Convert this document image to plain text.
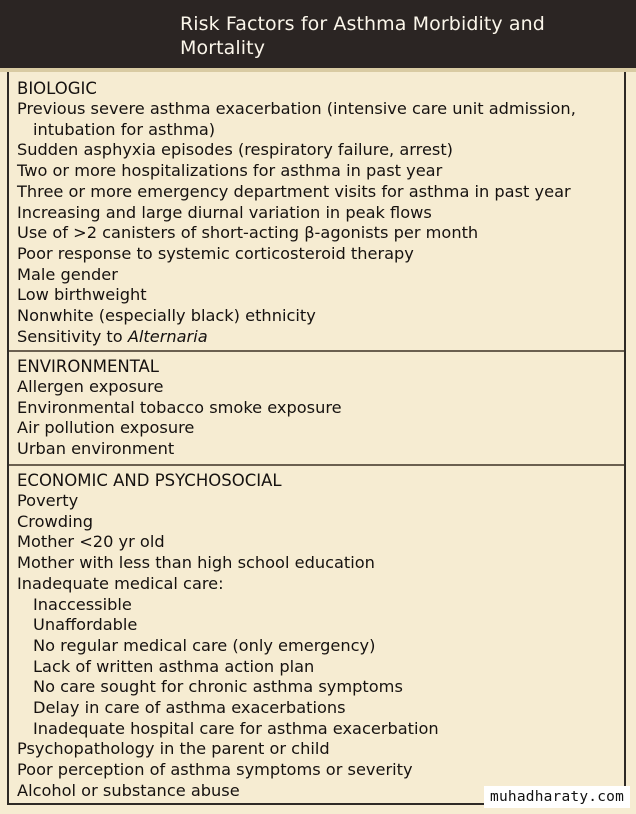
Risk Factors for Asthma Morbidity and Mortality
BIOLOGIC
Previous severe asthma exacerbation (intensive care unit admission,
intubation for asthma)
Sudden asphyxia episodes (respiratory failure, arrest)
Two or more hospitalizations for asthma in past year
Three or more emergency department visits for asthma in past year
Increasing and large diurnal variation in peak flows
Use of >2 canisters of short-acting β-agonists per month
Poor response to systemic corticosteroid therapy
Male gender
Low birthweight
Nonwhite (especially black) ethnicity
Sensitivity to Alternaria
ENVIRONMENTAL
Allergen exposure
Environmental tobacco smoke exposure
Air pollution exposure
Urban environment
ECONOMIC AND PSYCHOSOCIAL
Poverty
Crowding
Mother <20 yr old
Mother with less than high school education
Inadequate medical care:
Inaccessible
Unaffordable
No regular medical care (only emergency)
Lack of written asthma action plan
No care sought for chronic asthma symptoms
Delay in care of asthma exacerbations
Inadequate hospital care for asthma exacerbation
Psychopathology in the parent or child
Poor perception of asthma symptoms or severity
Alcohol or substance abuse	muhadharaty.com
